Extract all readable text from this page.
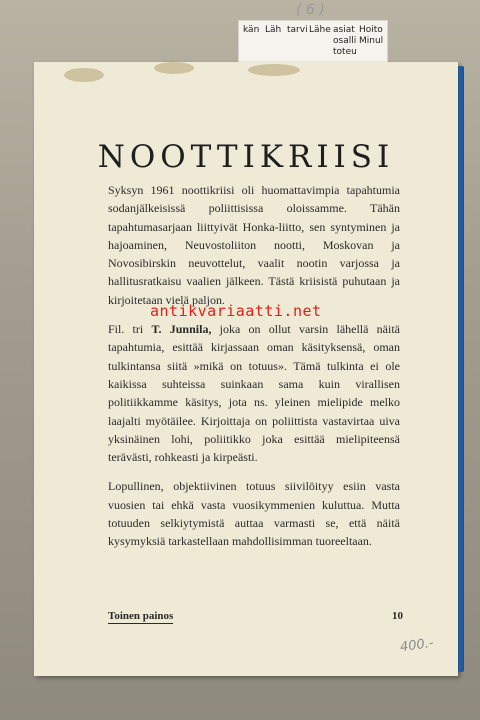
( 6 )
kän Läh tarvi Lähe asiat
osalli
toteu
Hoito
Minul
NOOTTIKRIISI

Syksyn 1961 noottikriisi oli huomattavimpia tapahtumia sodanjälkeisissä poliittisissa oloissamme. Tähän tapahtumasarjaan liittyivät Honka-liitto, sen syntyminen ja hajoaminen, Neuvostoliiton nootti, Moskovan ja Novosibirskin neuvottelut, vaalit nootin varjossa ja hallitusratkaisu vaalien jälkeen. Tästä kriisistä puhutaan ja kirjoitetaan vielä paljon.

Fil. tri T. Junnila, joka on ollut varsin lähellä näitä tapahtumia, esittää kirjassaan oman käsityksensä, oman tulkintansa siitä »mikä on totuus». Tämä tulkinta ei ole kaikissa suhteissa suinkaan sama kuin virallisen politiikkamme käsitys, jota ns. yleinen mielipide melko laajalti myötäilee. Kirjoittaja on poliittista vastavirtaa uiva yksinäinen lohi, poliitikko joka esittää mielipiteensä terävästi, rohkeasti ja kirpeästi.

Lopullinen, objektiivinen totuus siivilöityy esiin vasta vuosien tai ehkä vasta vuosikymmenien kuluttua. Mutta totuuden selkiytymistä auttaa varmasti se, että näitä kysymyksiä tarkastellaan mahdollisimman tuoreeltaan.

Toinen painos	10
antikvariaatti.net
400.-
